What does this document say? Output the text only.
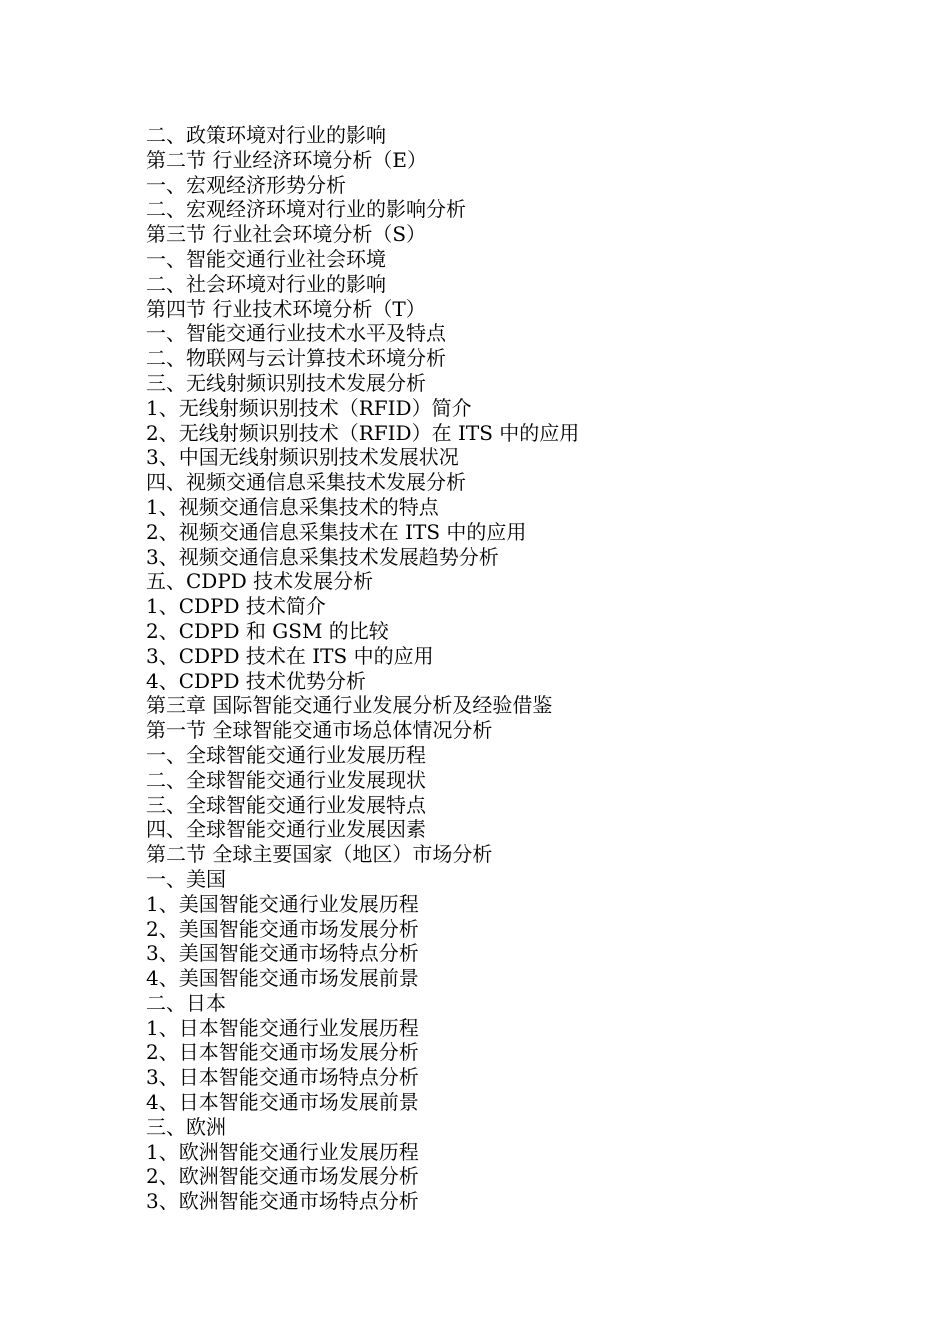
二、政策环境对行业的影响
第二节 行业经济环境分析（E）
一、宏观经济形势分析
二、宏观经济环境对行业的影响分析
第三节 行业社会环境分析（S）
一、智能交通行业社会环境
二、社会环境对行业的影响
第四节 行业技术环境分析（T）
一、智能交通行业技术水平及特点
二、物联网与云计算技术环境分析
三、无线射频识别技术发展分析
1、无线射频识别技术（RFID）简介
2、无线射频识别技术（RFID）在 ITS 中的应用
3、中国无线射频识别技术发展状况
四、视频交通信息采集技术发展分析
1、视频交通信息采集技术的特点
2、视频交通信息采集技术在 ITS 中的应用
3、视频交通信息采集技术发展趋势分析
五、CDPD 技术发展分析
1、CDPD 技术简介
2、CDPD 和 GSM 的比较
3、CDPD 技术在 ITS 中的应用
4、CDPD 技术优势分析
第三章 国际智能交通行业发展分析及经验借鉴
第一节 全球智能交通市场总体情况分析
一、全球智能交通行业发展历程
二、全球智能交通行业发展现状
三、全球智能交通行业发展特点
四、全球智能交通行业发展因素
第二节 全球主要国家（地区）市场分析
一、美国
1、美国智能交通行业发展历程
2、美国智能交通市场发展分析
3、美国智能交通市场特点分析
4、美国智能交通市场发展前景
二、日本
1、日本智能交通行业发展历程
2、日本智能交通市场发展分析
3、日本智能交通市场特点分析
4、日本智能交通市场发展前景
三、欧洲
1、欧洲智能交通行业发展历程
2、欧洲智能交通市场发展分析
3、欧洲智能交通市场特点分析
